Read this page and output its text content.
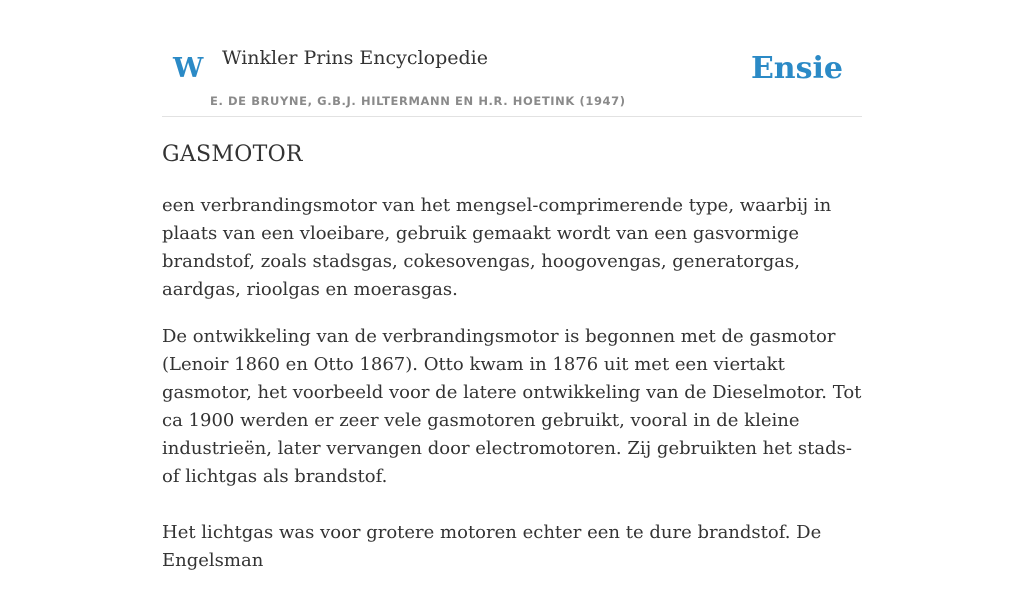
W Winkler Prins Encyclopedie
E. DE BRUYNE, G.B.J. HILTERMANN EN H.R. HOETINK (1947)
Ensie
GASMOTOR

een verbrandingsmotor van het mengsel-comprimerende type, waarbij in plaats van een vloeibare, gebruik gemaakt wordt van een gasvormige brandstof, zoals stadsgas, cokesovengas, hoogovengas, generatorgas, aardgas, rioolgas en moerasgas.

De ontwikkeling van de verbrandingsmotor is begonnen met de gasmotor (Lenoir 1860 en Otto 1867). Otto kwam in 1876 uit met een viertakt gasmotor, het voorbeeld voor de latere ontwikkeling van de Dieselmotor. Tot ca 1900 werden er zeer vele gasmotoren gebruikt, vooral in de kleine industrieën, later vervangen door electromotoren. Zij gebruikten het stads- of lichtgas als brandstof.

Het lichtgas was voor grotere motoren echter een te dure brandstof. De Engelsman
